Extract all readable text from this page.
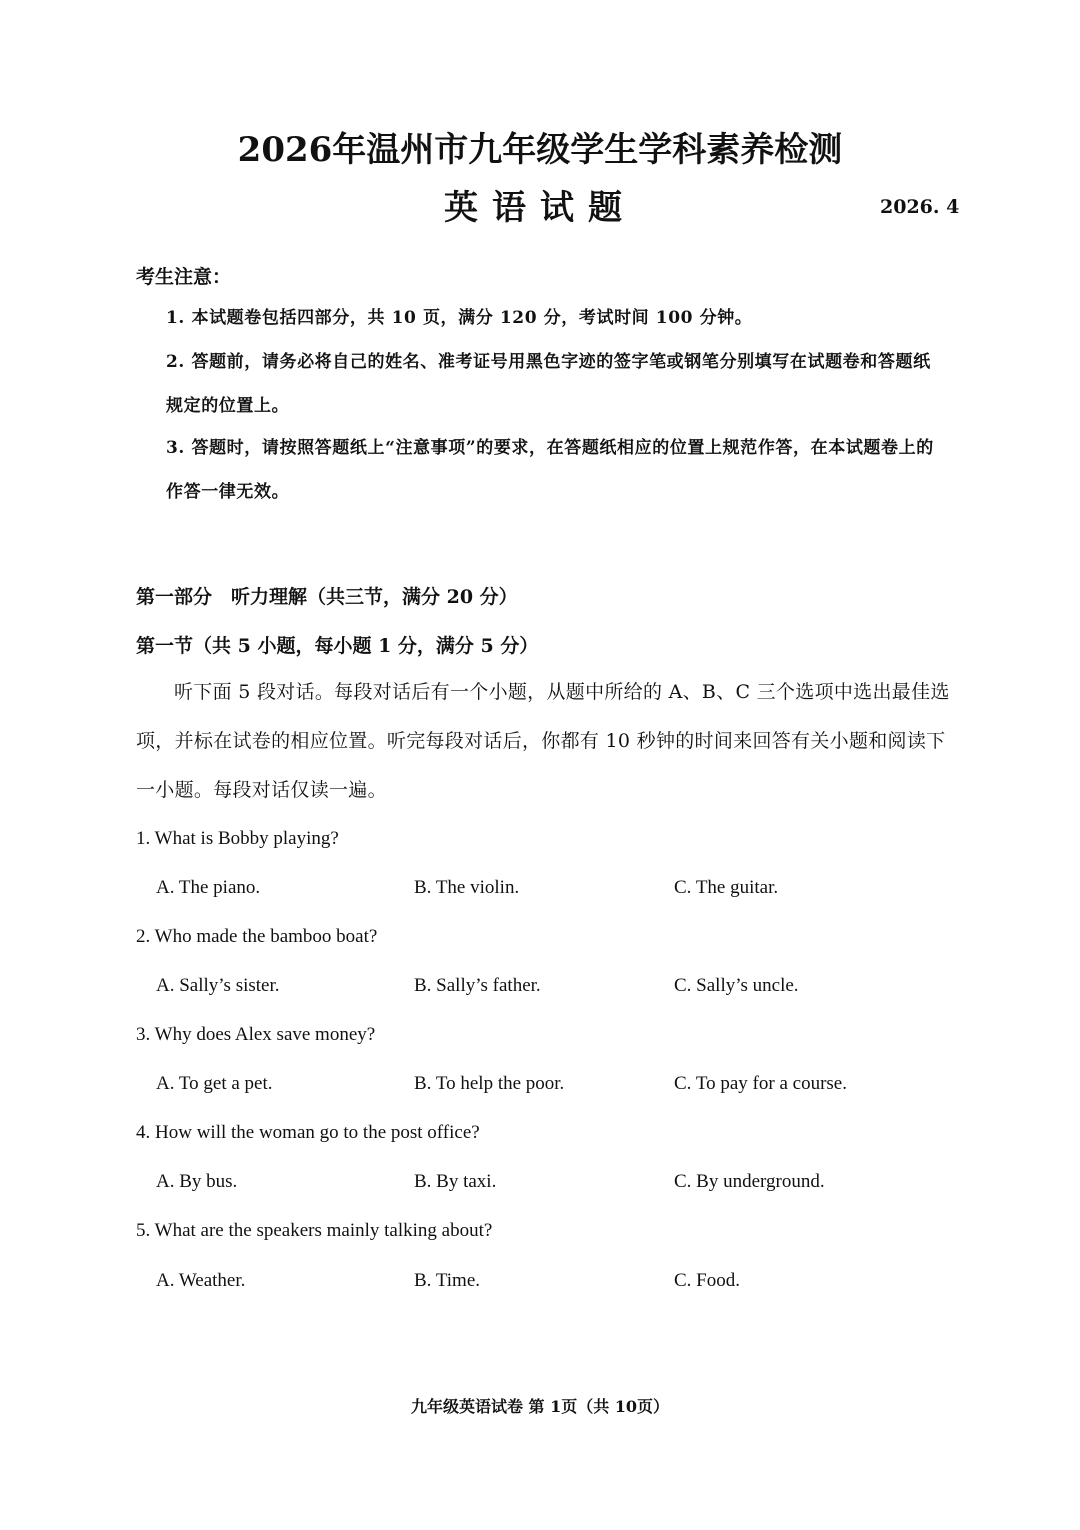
2026年温州市九年级学生学科素养检测
英语试题	2026. 4
考生注意：
1. 本试题卷包括四部分，共 10 页，满分 120 分，考试时间 100 分钟。
2. 答题前，请务必将自己的姓名、准考证号用黑色字迹的签字笔或钢笔分别填写在试题卷和答题纸规定的位置上。
3. 答题时，请按照答题纸上“注意事项”的要求，在答题纸相应的位置上规范作答，在本试题卷上的作答一律无效。
第一部分　听力理解（共三节，满分 20 分）
第一节（共 5 小题，每小题 1 分，满分 5 分）
听下面 5 段对话。每段对话后有一个小题，从题中所给的 A、B、C 三个选项中选出最佳选项，并标在试卷的相应位置。听完每段对话后，你都有 10 秒钟的时间来回答有关小题和阅读下一小题。每段对话仅读一遍。
1. What is Bobby playing?
A. The piano.	B. The violin.	C. The guitar.
2. Who made the bamboo boat?
A. Sally’s sister.	B. Sally’s father.	C. Sally’s uncle.
3. Why does Alex save money?
A. To get a pet.	B. To help the poor.	C. To pay for a course.
4. How will the woman go to the post office?
A. By bus.	B. By taxi.	C. By underground.
5. What are the speakers mainly talking about?
A. Weather.	B. Time.	C. Food.
九年级英语试卷 第 1页（共 10页）
